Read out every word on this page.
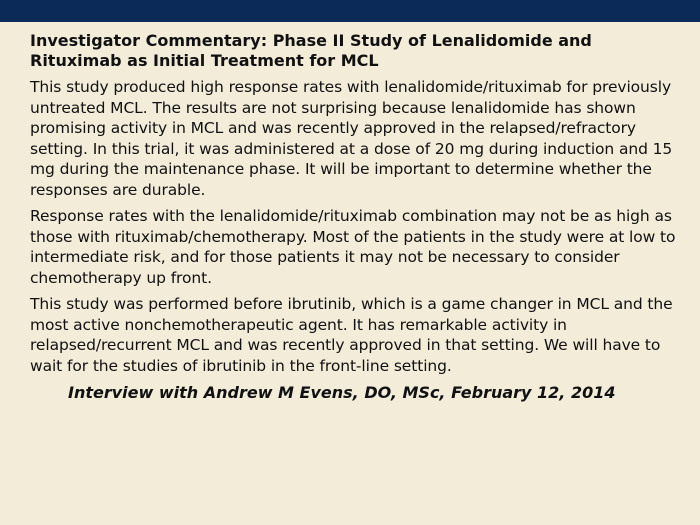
Investigator Commentary: Phase II Study of Lenalidomide and Rituximab as Initial Treatment for MCL

This study produced high response rates with lenalidomide/rituximab for previously untreated MCL. The results are not surprising because lenalidomide has shown promising activity in MCL and was recently approved in the relapsed/refractory setting. In this trial, it was administered at a dose of 20 mg during induction and 15 mg during the maintenance phase. It will be important to determine whether the responses are durable.

Response rates with the lenalidomide/rituximab combination may not be as high as those with rituximab/chemotherapy. Most of the patients in the study were at low to intermediate risk, and for those patients it may not be necessary to consider chemotherapy up front.

This study was performed before ibrutinib, which is a game changer in MCL and the most active nonchemotherapeutic agent. It has remarkable activity in relapsed/recurrent MCL and was recently approved in that setting. We will have to wait for the studies of ibrutinib in the front-line setting.

Interview with Andrew M Evens, DO, MSc, February 12, 2014
